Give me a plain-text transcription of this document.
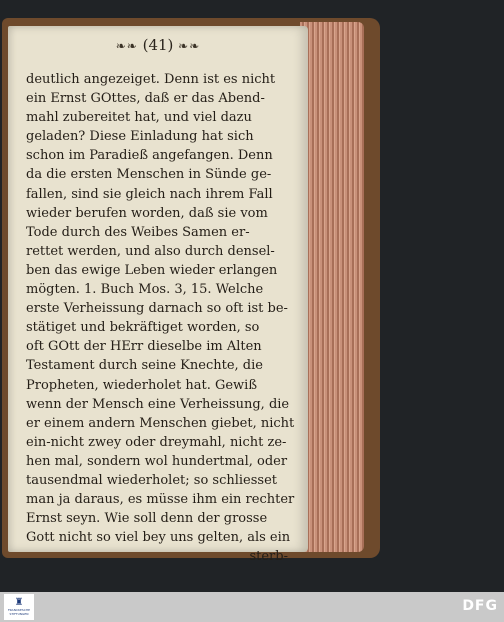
❧❧ (41) ❧❧
deutlich angezeiget. Denn ist es nicht
ein Ernst GOttes, daß er das Abend-
mahl zubereitet hat, und viel dazu
geladen? Diese Einladung hat sich
schon im Paradieß angefangen. Denn
da die ersten Menschen in Sünde ge-
fallen, sind sie gleich nach ihrem Fall
wieder berufen worden, daß sie vom
Tode durch des Weibes Samen er-
rettet werden, und also durch densel-
ben das ewige Leben wieder erlangen
mögten. 1. Buch Mos. 3, 15. Welche
erste Verheissung darnach so oft ist be-
stätiget und bekräftiget worden, so
oft GOtt der HErr dieselbe im Alten
Testament durch seine Knechte, die
Propheten, wiederholet hat. Gewiß
wenn der Mensch eine Verheissung, die
er einem andern Menschen giebet, nicht
ein-nicht zwey oder dreymahl, nicht ze-
hen mal, sondern wol hundertmal, oder
tausendmal wiederholet; so schliesset
man ja daraus, es müsse ihm ein rechter
Ernst seyn. Wie soll denn der grosse
Gott nicht so viel bey uns gelten, als ein
sterb-
♜
FRANCKESCHE STIFTUNGEN	DFG
